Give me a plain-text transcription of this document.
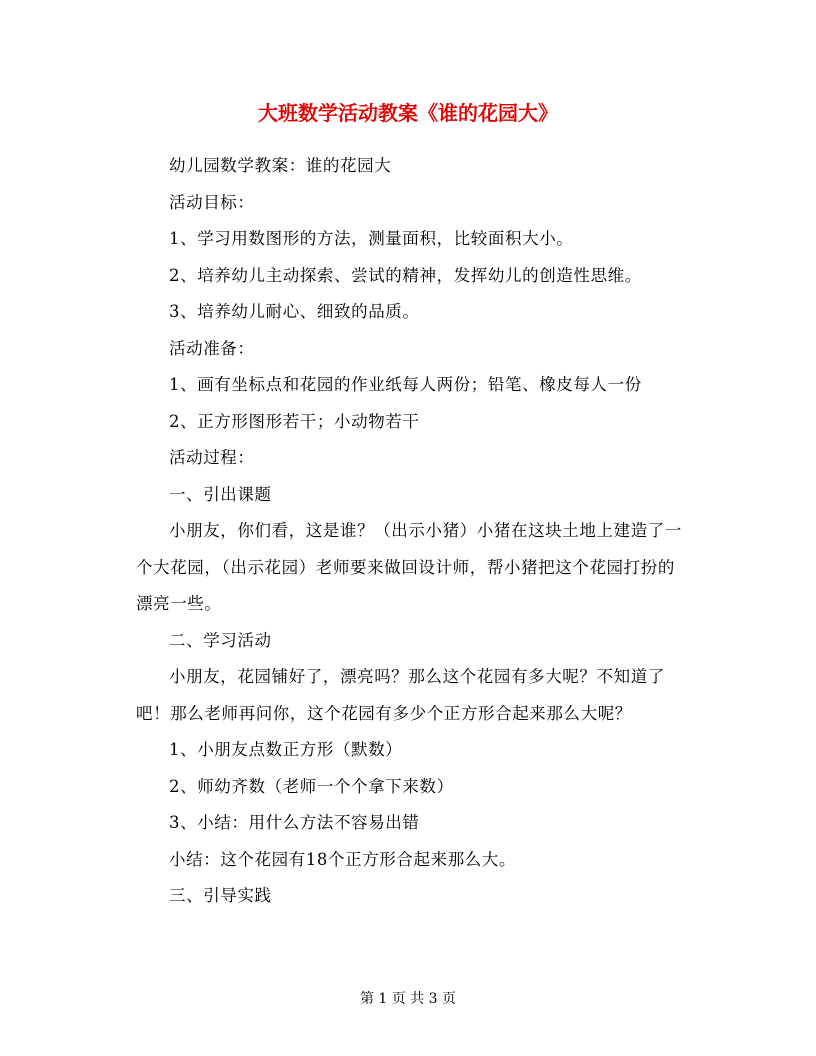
大班数学活动教案《谁的花园大》

幼儿园数学教案：谁的花园大

活动目标：

1、学习用数图形的方法，测量面积，比较面积大小。

2、培养幼儿主动探索、尝试的精神，发挥幼儿的创造性思维。

3、培养幼儿耐心、细致的品质。

活动准备：

1、画有坐标点和花园的作业纸每人两份；铅笔、橡皮每人一份

2、正方形图形若干；小动物若干

活动过程：

一、引出课题

小朋友，你们看，这是谁？（出示小猪）小猪在这块土地上建造了一个大花园，（出示花园）老师要来做回设计师，帮小猪把这个花园打扮的漂亮一些。

二、学习活动

小朋友，花园铺好了，漂亮吗？那么这个花园有多大呢？不知道了吧！那么老师再问你，这个花园有多少个正方形合起来那么大呢？

1、小朋友点数正方形（默数）

2、师幼齐数（老师一个个拿下来数）

3、小结：用什么方法不容易出错

小结：这个花园有18个正方形合起来那么大。

三、引导实践

第 1 页 共 3 页
